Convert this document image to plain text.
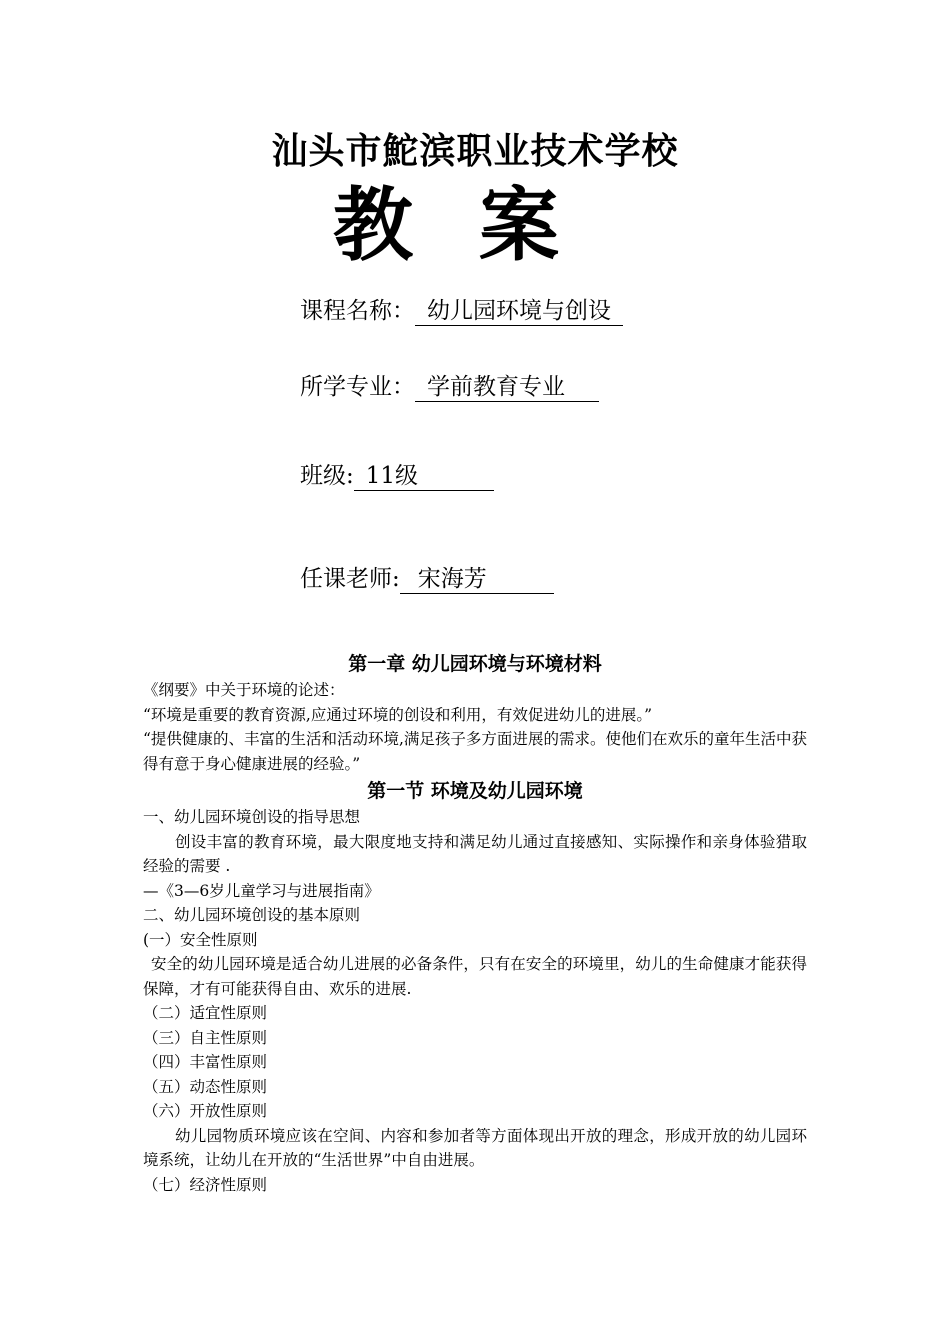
汕头市鮀滨职业技术学校
教 案
课程名称： 幼儿园环境与创设
所学专业： 学前教育专业
班级:11级
任课老师: 宋海芳
第一章 幼儿园环境与环境材料
《纲要》中关于环境的论述：
“环境是重要的教育资源,应通过环境的创设和利用，有效促进幼儿的进展。”
“提供健康的、丰富的生活和活动环境,满足孩子多方面进展的需求。使他们在欢乐的童年生活中获得有意于身心健康进展的经验。”
第一节 环境及幼儿园环境
一、幼儿园环境创设的指导思想
创设丰富的教育环境，最大限度地支持和满足幼儿通过直接感知、实际操作和亲身体验猎取经验的需要 .
—《3—6岁儿童学习与进展指南》
二、幼儿园环境创设的基本原则
(一）安全性原则
安全的幼儿园环境是适合幼儿进展的必备条件，只有在安全的环境里，幼儿的生命健康才能获得保障，才有可能获得自由、欢乐的进展.
（二）适宜性原则
（三）自主性原则
（四）丰富性原则
（五）动态性原则
（六）开放性原则
幼儿园物质环境应该在空间、内容和参加者等方面体现出开放的理念，形成开放的幼儿园环境系统，让幼儿在开放的“生活世界”中自由进展。
（七）经济性原则
